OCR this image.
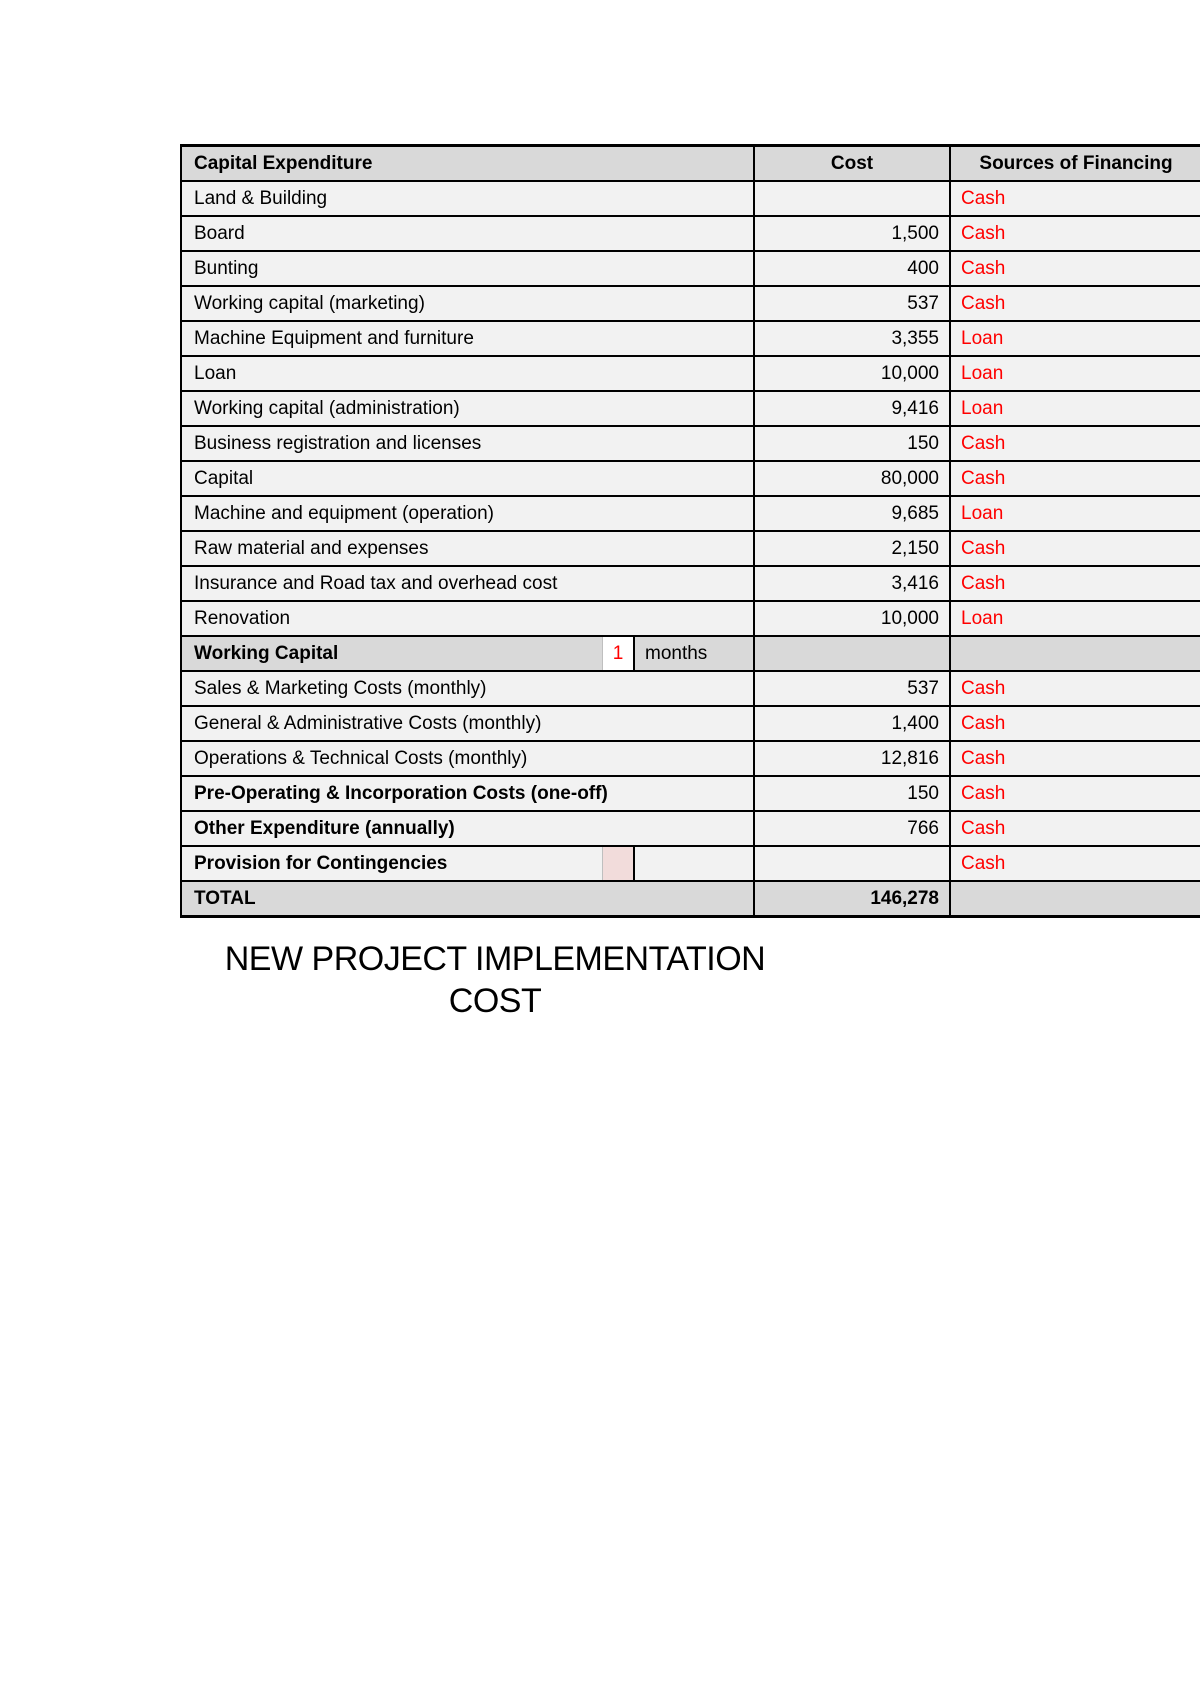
Capital Expenditure	Cost	Sources of Financing

Land & Building		Cash

Board	1,500	Cash

Bunting	400	Cash

Working capital (marketing)	537	Cash

Machine Equipment and furniture	3,355	Loan

Loan	10,000	Loan

Working capital (administration)	9,416	Loan

Business registration and licenses	150	Cash

Capital	80,000	Cash

Machine and equipment (operation)	9,685	Loan

Raw material and expenses	2,150	Cash

Insurance and Road tax and overhead cost	3,416	Cash

Renovation	10,000	Loan

Working Capital 1 months		

Sales & Marketing Costs (monthly)	537	Cash

General & Administrative Costs (monthly)	1,400	Cash

Operations & Technical Costs (monthly)	12,816	Cash

Pre-Operating & Incorporation Costs (one-off)	150	Cash

Other Expenditure (annually)	766	Cash

Provision for Contingencies		Cash

TOTAL	146,278	
NEW PROJECT IMPLEMENTATION
COST
